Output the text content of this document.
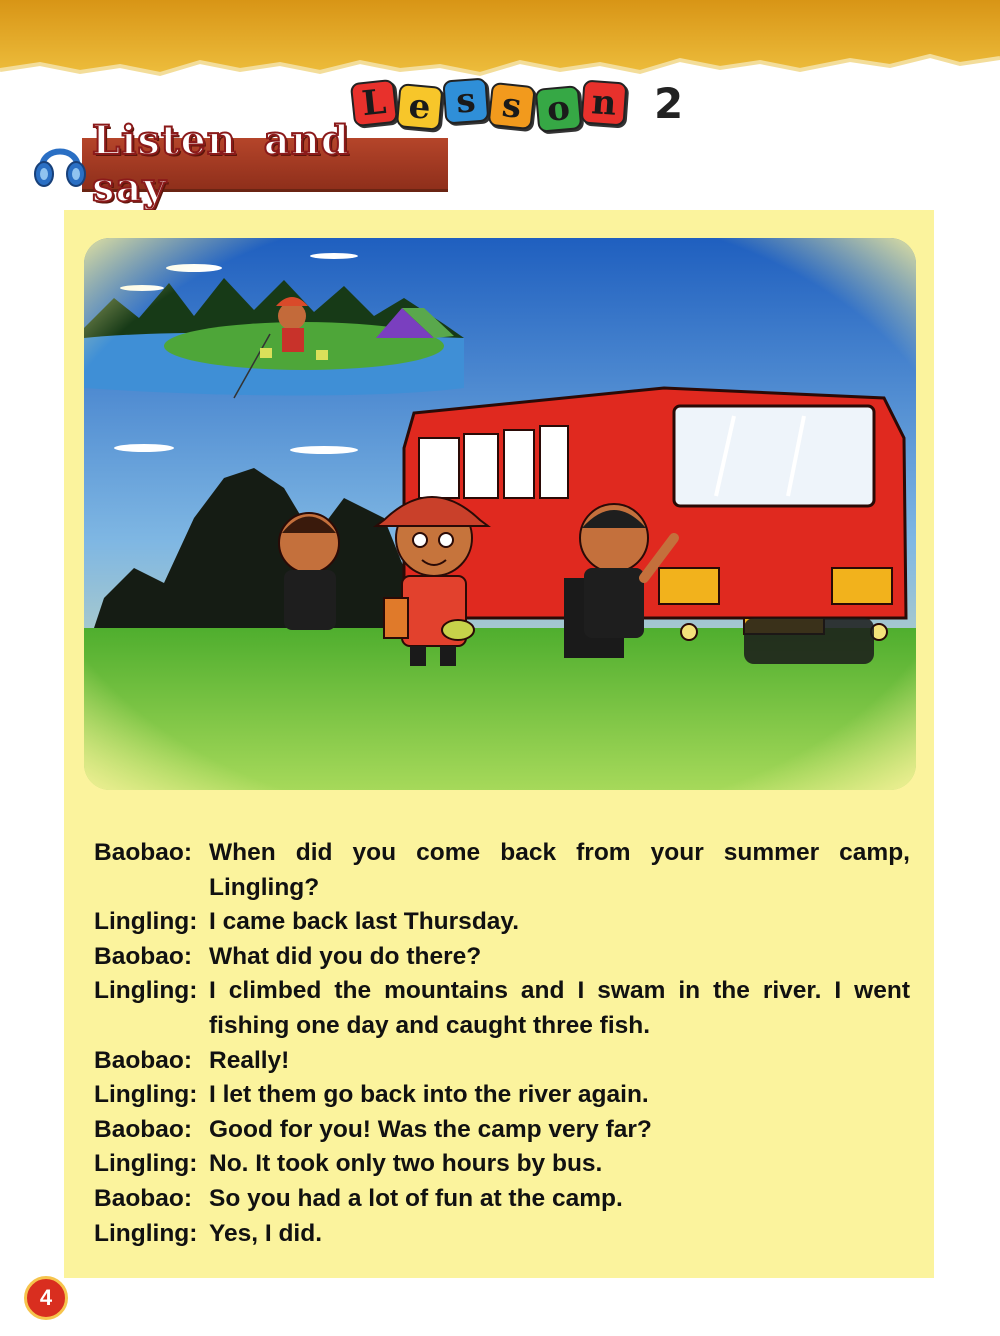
L e s s o n 2
Listen and say
Baobao: When did you come back from your summer camp, Lingling?
Lingling: I came back last Thursday.
Baobao: What did you do there?
Lingling: I climbed the mountains and I swam in the river. I went fishing one day and caught three fish.
Baobao: Really!
Lingling: I let them go back into the river again.
Baobao: Good for you! Was the camp very far?
Lingling: No. It took only two hours by bus.
Baobao: So you had a lot of fun at the camp.
Lingling: Yes, I did.
4
